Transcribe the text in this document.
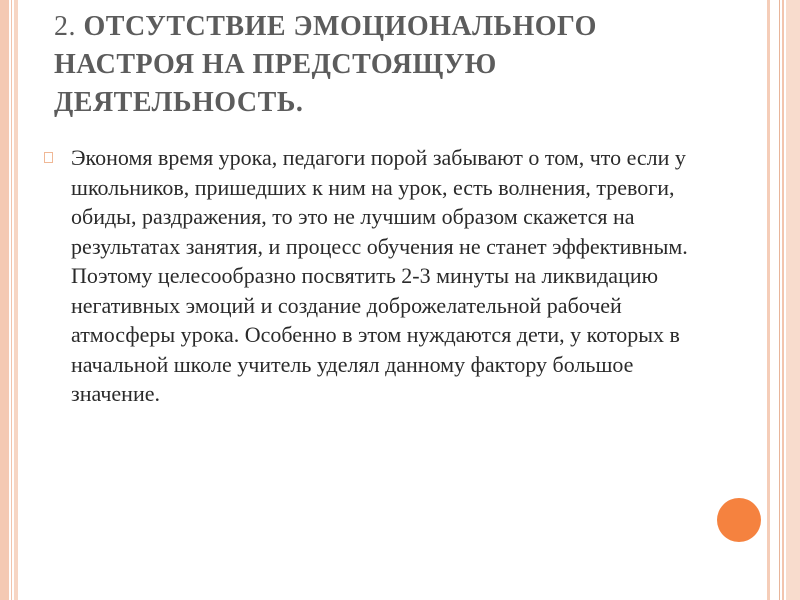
2. ОТСУТСТВИЕ ЭМОЦИОНАЛЬНОГО НАСТРОЯ НА ПРЕДСТОЯЩУЮ ДЕЯТЕЛЬНОСТЬ.
Экономя время урока, педагоги порой забывают о том, что если у школьников, пришедших к ним на урок, есть волнения, тревоги, обиды, раздражения, то это не лучшим образом скажется на результатах занятия, и процесс обучения не станет эффективным. Поэтому целесообразно посвятить 2-3 минуты на ликвидацию негативных эмоций и создание доброжелательной рабочей атмосферы урока. Особенно в этом нуждаются дети, у которых в начальной школе учитель уделял данному фактору большое значение.
